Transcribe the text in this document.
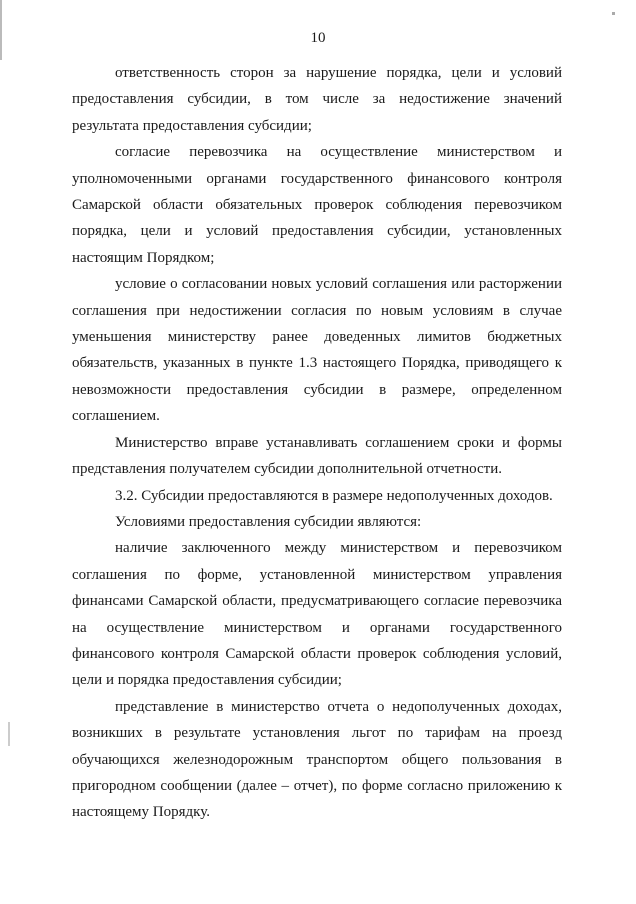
10

ответственность сторон за нарушение порядка, цели и условий предоставления субсидии, в том числе за недостижение значений результата предоставления субсидии;

согласие перевозчика на осуществление министерством и уполномоченными органами государственного финансового контроля Самарской области обязательных проверок соблюдения перевозчиком порядка, цели и условий предоставления субсидии, установленных настоящим Порядком;

условие о согласовании новых условий соглашения или расторжении соглашения при недостижении согласия по новым условиям в случае уменьшения министерству ранее доведенных лимитов бюджетных обязательств, указанных в пункте 1.3 настоящего Порядка, приводящего к невозможности предоставления субсидии в размере, определенном соглашением.

Министерство вправе устанавливать соглашением сроки и формы представления получателем субсидии дополнительной отчетности.

3.2. Субсидии предоставляются в размере недополученных доходов.

Условиями предоставления субсидии являются:

наличие заключенного между министерством и перевозчиком соглашения по форме, установленной министерством управления финансами Самарской области, предусматривающего согласие перевозчика на осуществление министерством и органами государственного финансового контроля Самарской области проверок соблюдения условий, цели и порядка предоставления субсидии;

представление в министерство отчета о недополученных доходах, возникших в результате установления льгот по тарифам на проезд обучающихся железнодорожным транспортом общего пользования в пригородном сообщении (далее – отчет), по форме согласно приложению к настоящему Порядку.
